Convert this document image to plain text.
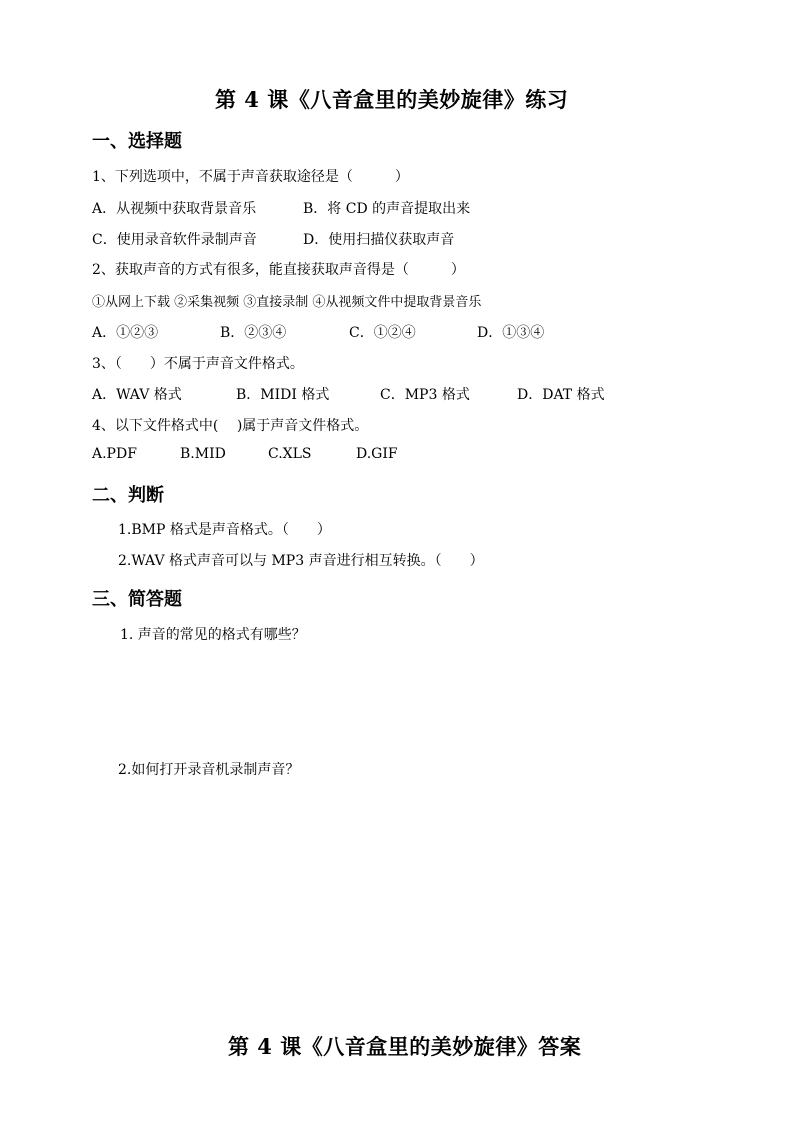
第 4 课《八音盒里的美妙旋律》练习
一、选择题
1、下列选项中，不属于声音获取途径是（　　　）
A．从视频中获取背景音乐	B．将 CD 的声音提取出来
C．使用录音软件录制声音	D．使用扫描仪获取声音
2、获取声音的方式有很多，能直接获取声音得是（　　　）
①从网上下载 ②采集视频 ③直接录制 ④从视频文件中提取背景音乐
A．①②③	B．②③④	C．①②④	D．①③④
3、（　　）不属于声音文件格式。
A．WAV 格式	B．MIDI 格式	C．MP3 格式	D．DAT 格式
4、以下文件格式中(　 )属于声音文件格式。
A.PDF	B.MID	C.XLS	D.GIF
二、判断
1.BMP 格式是声音格式。（　　）
2.WAV 格式声音可以与 MP3 声音进行相互转换。（　　）
三、简答题
1. 声音的常见的格式有哪些？
2.如何打开录音机录制声音？
第 4 课《八音盒里的美妙旋律》答案
